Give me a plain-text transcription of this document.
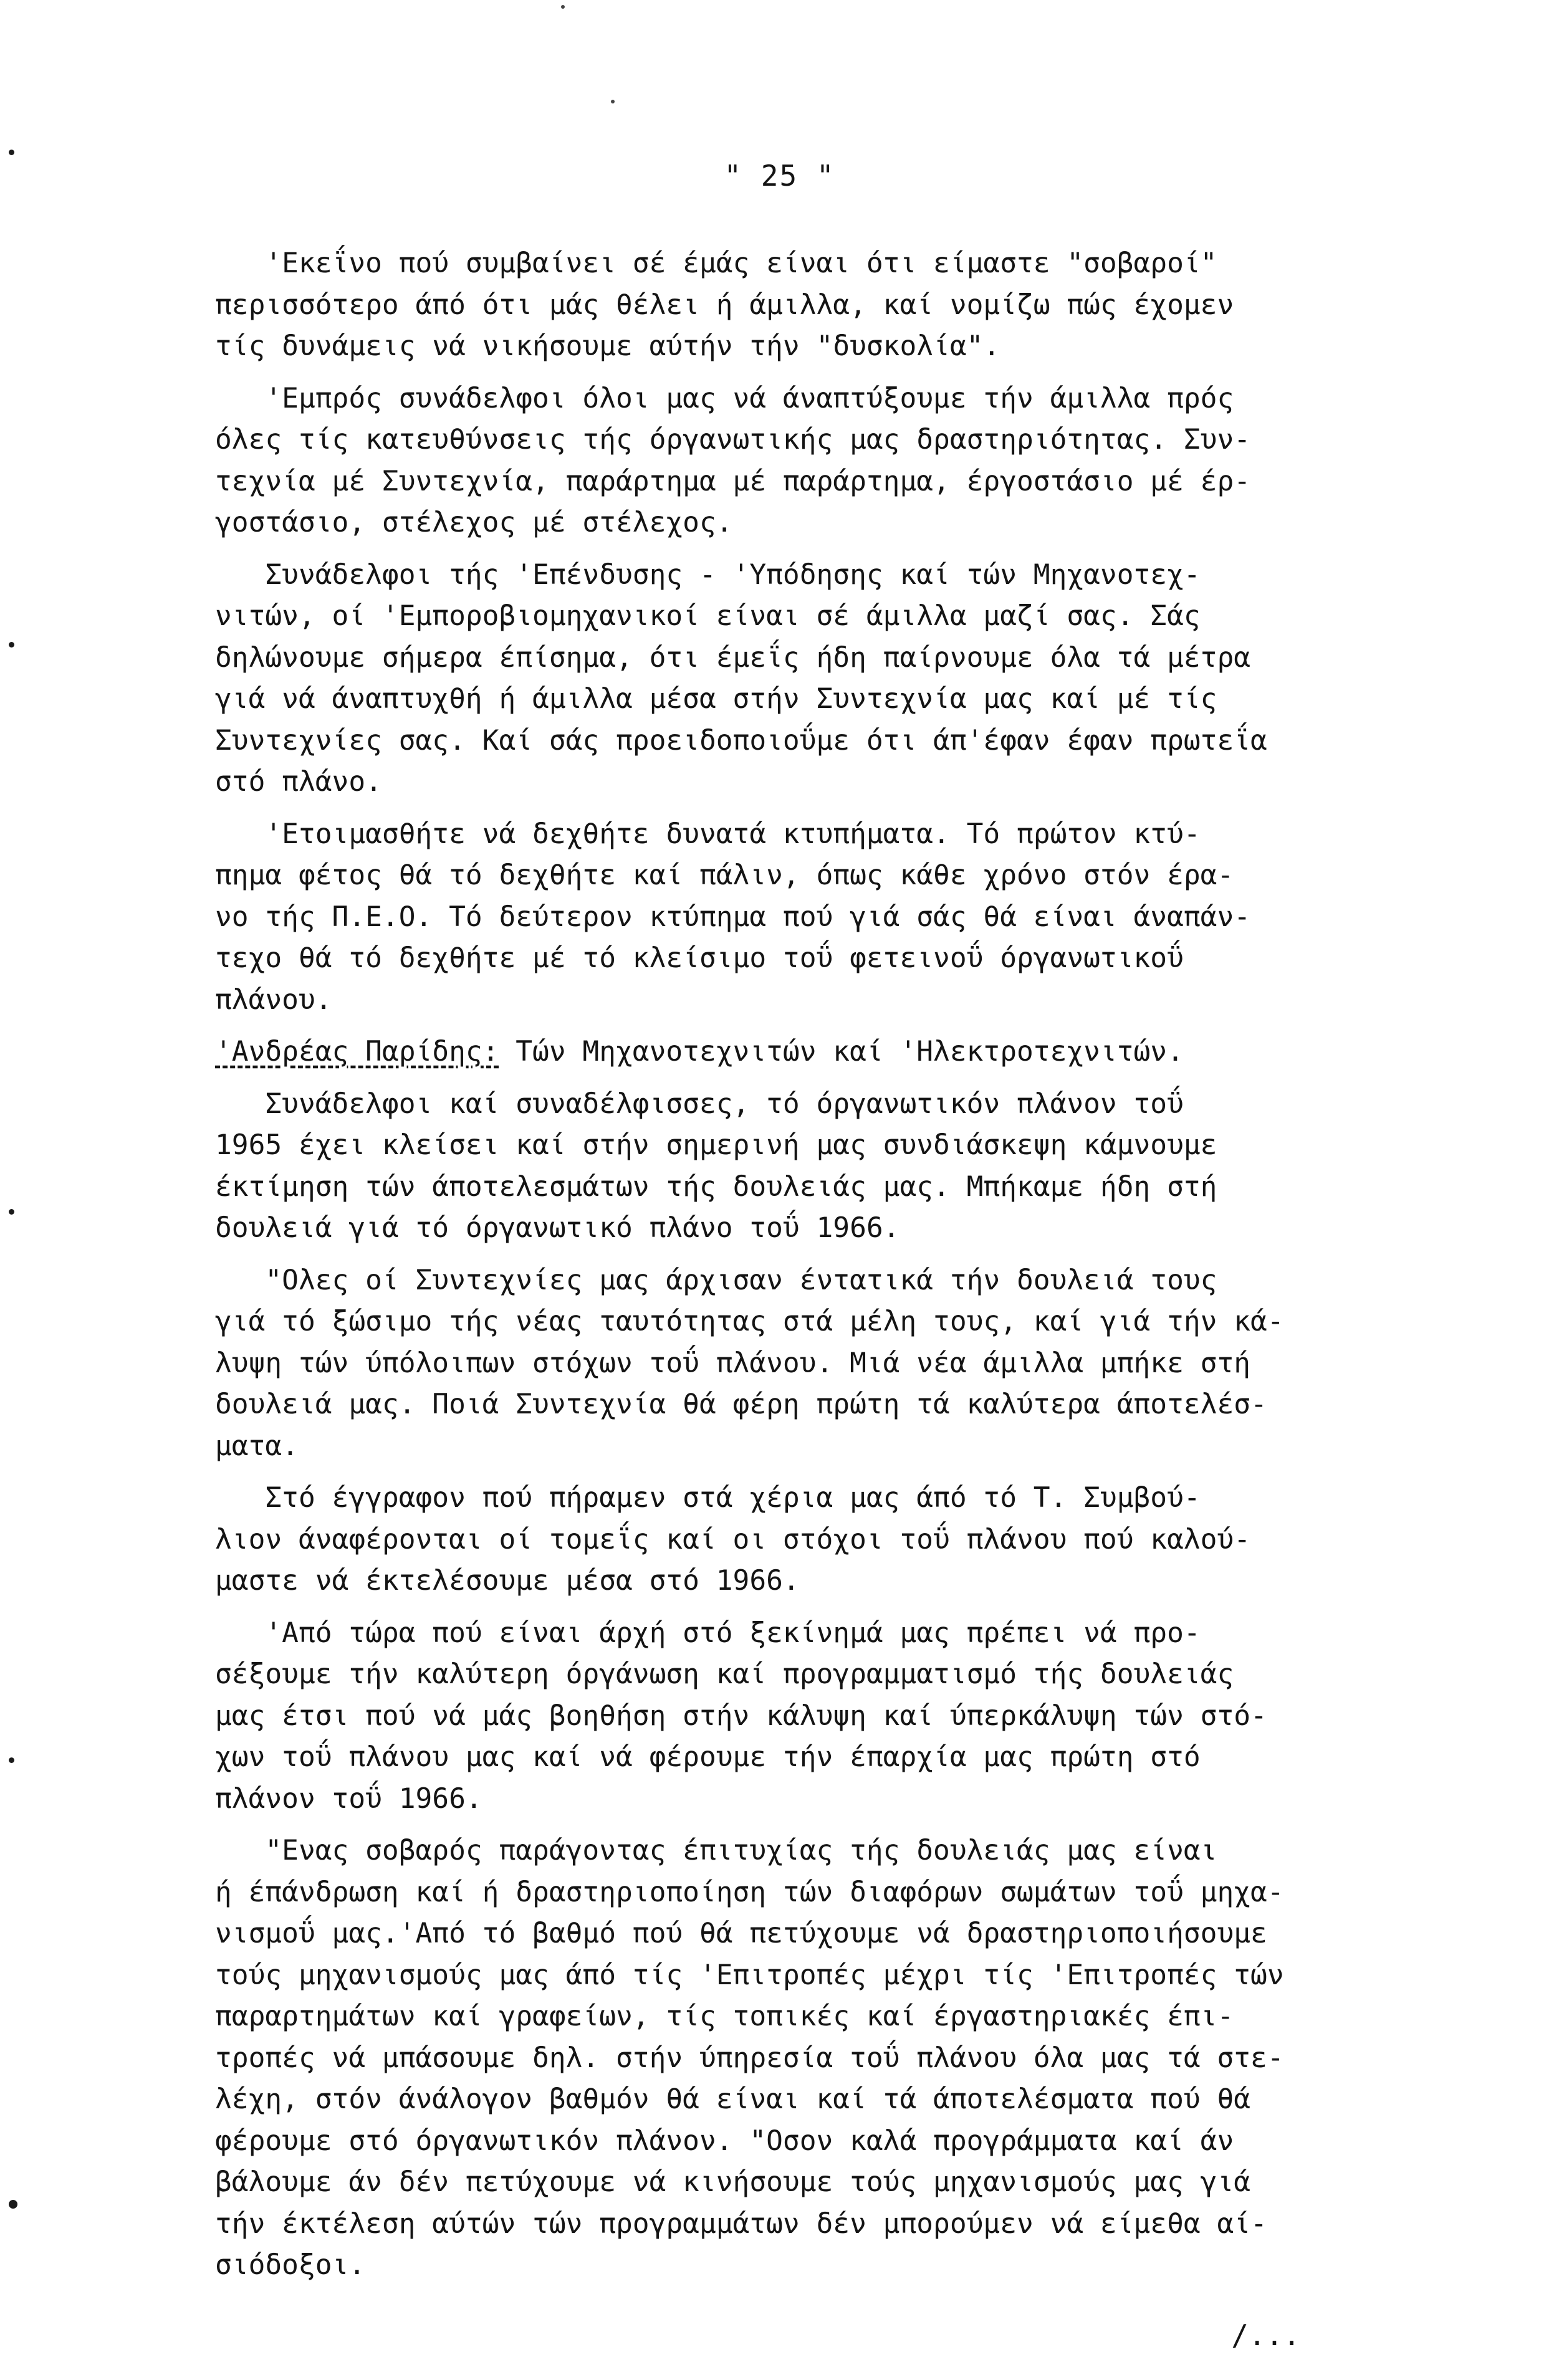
" 25 "
'Εκεΐνο πού συμβαίνει σέ έμάς είναι ότι είμαστε "σοβαροί"
περισσότερο άπό ότι μάς θέλει ή άμιλλα, καί νομίζω πώς έχομεν
τίς δυνάμεις νά νικήσουμε αύτήν τήν "δυσκολία".
'Εμπρός συνάδελφοι όλοι μας νά άναπτύξουμε τήν άμιλλα πρός
όλες τίς κατευθύνσεις τής όργανωτικής μας δραστηριότητας. Συν-
τεχνία μέ Συντεχνία, παράρτημα μέ παράρτημα, έργοστάσιο μέ έρ-
γοστάσιο, στέλεχος μέ στέλεχος.
Συνάδελφοι τής 'Επένδυσης - 'Υπόδησης καί τών Μηχανοτεχ-
νιτών, οί 'Εμποροβιομηχανικοί είναι σέ άμιλλα μαζί σας. Σάς
δηλώνουμε σήμερα έπίσημα, ότι έμεΐς ήδη παίρνουμε όλα τά μέτρα
γιά νά άναπτυχθή ή άμιλλα μέσα στήν Συντεχνία μας καί μέ τίς
Συντεχνίες σας. Καί σάς προειδοποιοΰμε ότι άπ'έφαν έφαν πρωτεΐα
στό πλάνο.
'Ετοιμασθήτε νά δεχθήτε δυνατά κτυπήματα. Τό πρώτον κτύ-
πημα φέτος θά τό δεχθήτε καί πάλιν, όπως κάθε χρόνο στόν έρα-
νο τής Π.Ε.Ο. Τό δεύτερον κτύπημα πού γιά σάς θά είναι άναπάν-
τεχο θά τό δεχθήτε μέ τό κλείσιμο τοΰ φετεινοΰ όργανωτικοΰ
πλάνου.
'Ανδρέας Παρίδης: Τών Μηχανοτεχνιτών καί 'Ηλεκτροτεχνιτών.
Συνάδελφοι καί συναδέλφισσες, τό όργανωτικόν πλάνον τοΰ
1965 έχει κλείσει καί στήν σημερινή μας συνδιάσκεψη κάμνουμε
έκτίμηση τών άποτελεσμάτων τής δουλειάς μας. Μπήκαμε ήδη στή
δουλειά γιά τό όργανωτικό πλάνο τοΰ 1966.
"Ολες οί Συντεχνίες μας άρχισαν έντατικά τήν δουλειά τους
γιά τό ξώσιμο τής νέας ταυτότητας στά μέλη τους, καί γιά τήν κά-
λυψη τών ύπόλοιπων στόχων τοΰ πλάνου. Μιά νέα άμιλλα μπήκε στή
δουλειά μας. Ποιά Συντεχνία θά φέρη πρώτη τά καλύτερα άποτελέσ-
ματα.
Στό έγγραφον πού πήραμεν στά χέρια μας άπό τό Τ. Συμβού-
λιον άναφέρονται οί τομεΐς καί οι στόχοι τοΰ πλάνου πού καλού-
μαστε νά έκτελέσουμε μέσα στό 1966.
'Από τώρα πού είναι άρχή στό ξεκίνημά μας πρέπει νά προ-
σέξουμε τήν καλύτερη όργάνωση καί προγραμματισμό τής δουλειάς
μας έτσι πού νά μάς βοηθήση στήν κάλυψη καί ύπερκάλυψη τών στό-
χων τοΰ πλάνου μας καί νά φέρουμε τήν έπαρχία μας πρώτη στό
πλάνον τοΰ 1966.
"Ενας σοβαρός παράγοντας έπιτυχίας τής δουλειάς μας είναι
ή έπάνδρωση καί ή δραστηριοποίηση τών διαφόρων σωμάτων τοΰ μηχα-
νισμοΰ μας.'Από τό βαθμό πού θά πετύχουμε νά δραστηριοποιήσουμε
τούς μηχανισμούς μας άπό τίς 'Επιτροπές μέχρι τίς 'Επιτροπές τών
παραρτημάτων καί γραφείων, τίς τοπικές καί έργαστηριακές έπι-
τροπές νά μπάσουμε δηλ. στήν ύπηρεσία τοΰ πλάνου όλα μας τά στε-
λέχη, στόν άνάλογον βαθμόν θά είναι καί τά άποτελέσματα πού θά
φέρουμε στό όργανωτικόν πλάνον. "Οσον καλά προγράμματα καί άν
βάλουμε άν δέν πετύχουμε νά κινήσουμε τούς μηχανισμούς μας γιά
τήν έκτέλεση αύτών τών προγραμμάτων δέν μπορούμεν νά είμεθα αί-
σιόδοξοι.
/...
